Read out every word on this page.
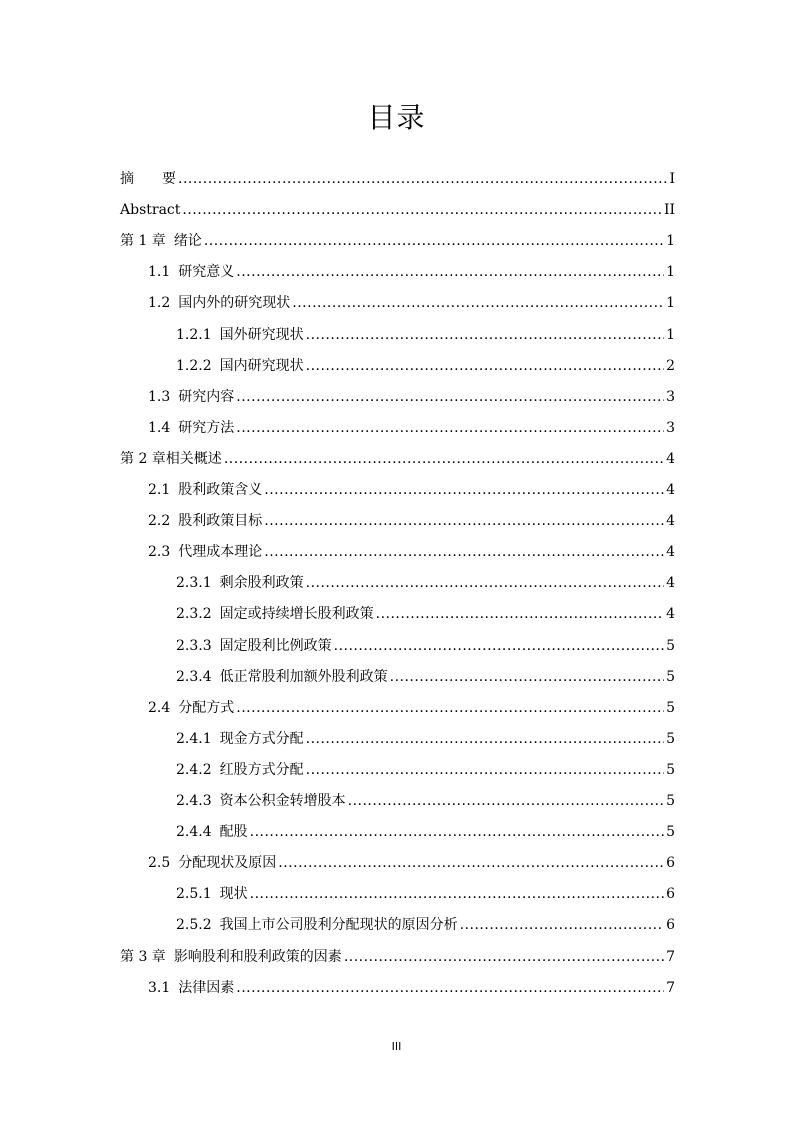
目录
摘　　要 .....	I
Abstract .....	II
第 1 章 绪论 .....	1
1.1 研究意义 .....	1
1.2 国内外的研究现状 .....	1
1.2.1 国外研究现状 .....	1
1.2.2 国内研究现状 .....	2
1.3 研究内容 .....	3
1.4 研究方法 .....	3
第 2 章相关概述 .....	4
2.1 股利政策含义 .....	4
2.2 股利政策目标 .....	4
2.3 代理成本理论 .....	4
2.3.1 剩余股利政策 .....	4
2.3.2 固定或持续增长股利政策 .....	4
2.3.3 固定股利比例政策 .....	5
2.3.4 低正常股利加额外股利政策 .....	5
2.4 分配方式 .....	5
2.4.1 现金方式分配 .....	5
2.4.2 红股方式分配 .....	5
2.4.3 资本公积金转增股本 .....	5
2.4.4 配股 .....	5
2.5 分配现状及原因 .....	6
2.5.1 现状 .....	6
2.5.2 我国上市公司股利分配现状的原因分析 .....	6
第 3 章 影响股利和股利政策的因素 .....	7
3.1 法律因素 .....	7
III
